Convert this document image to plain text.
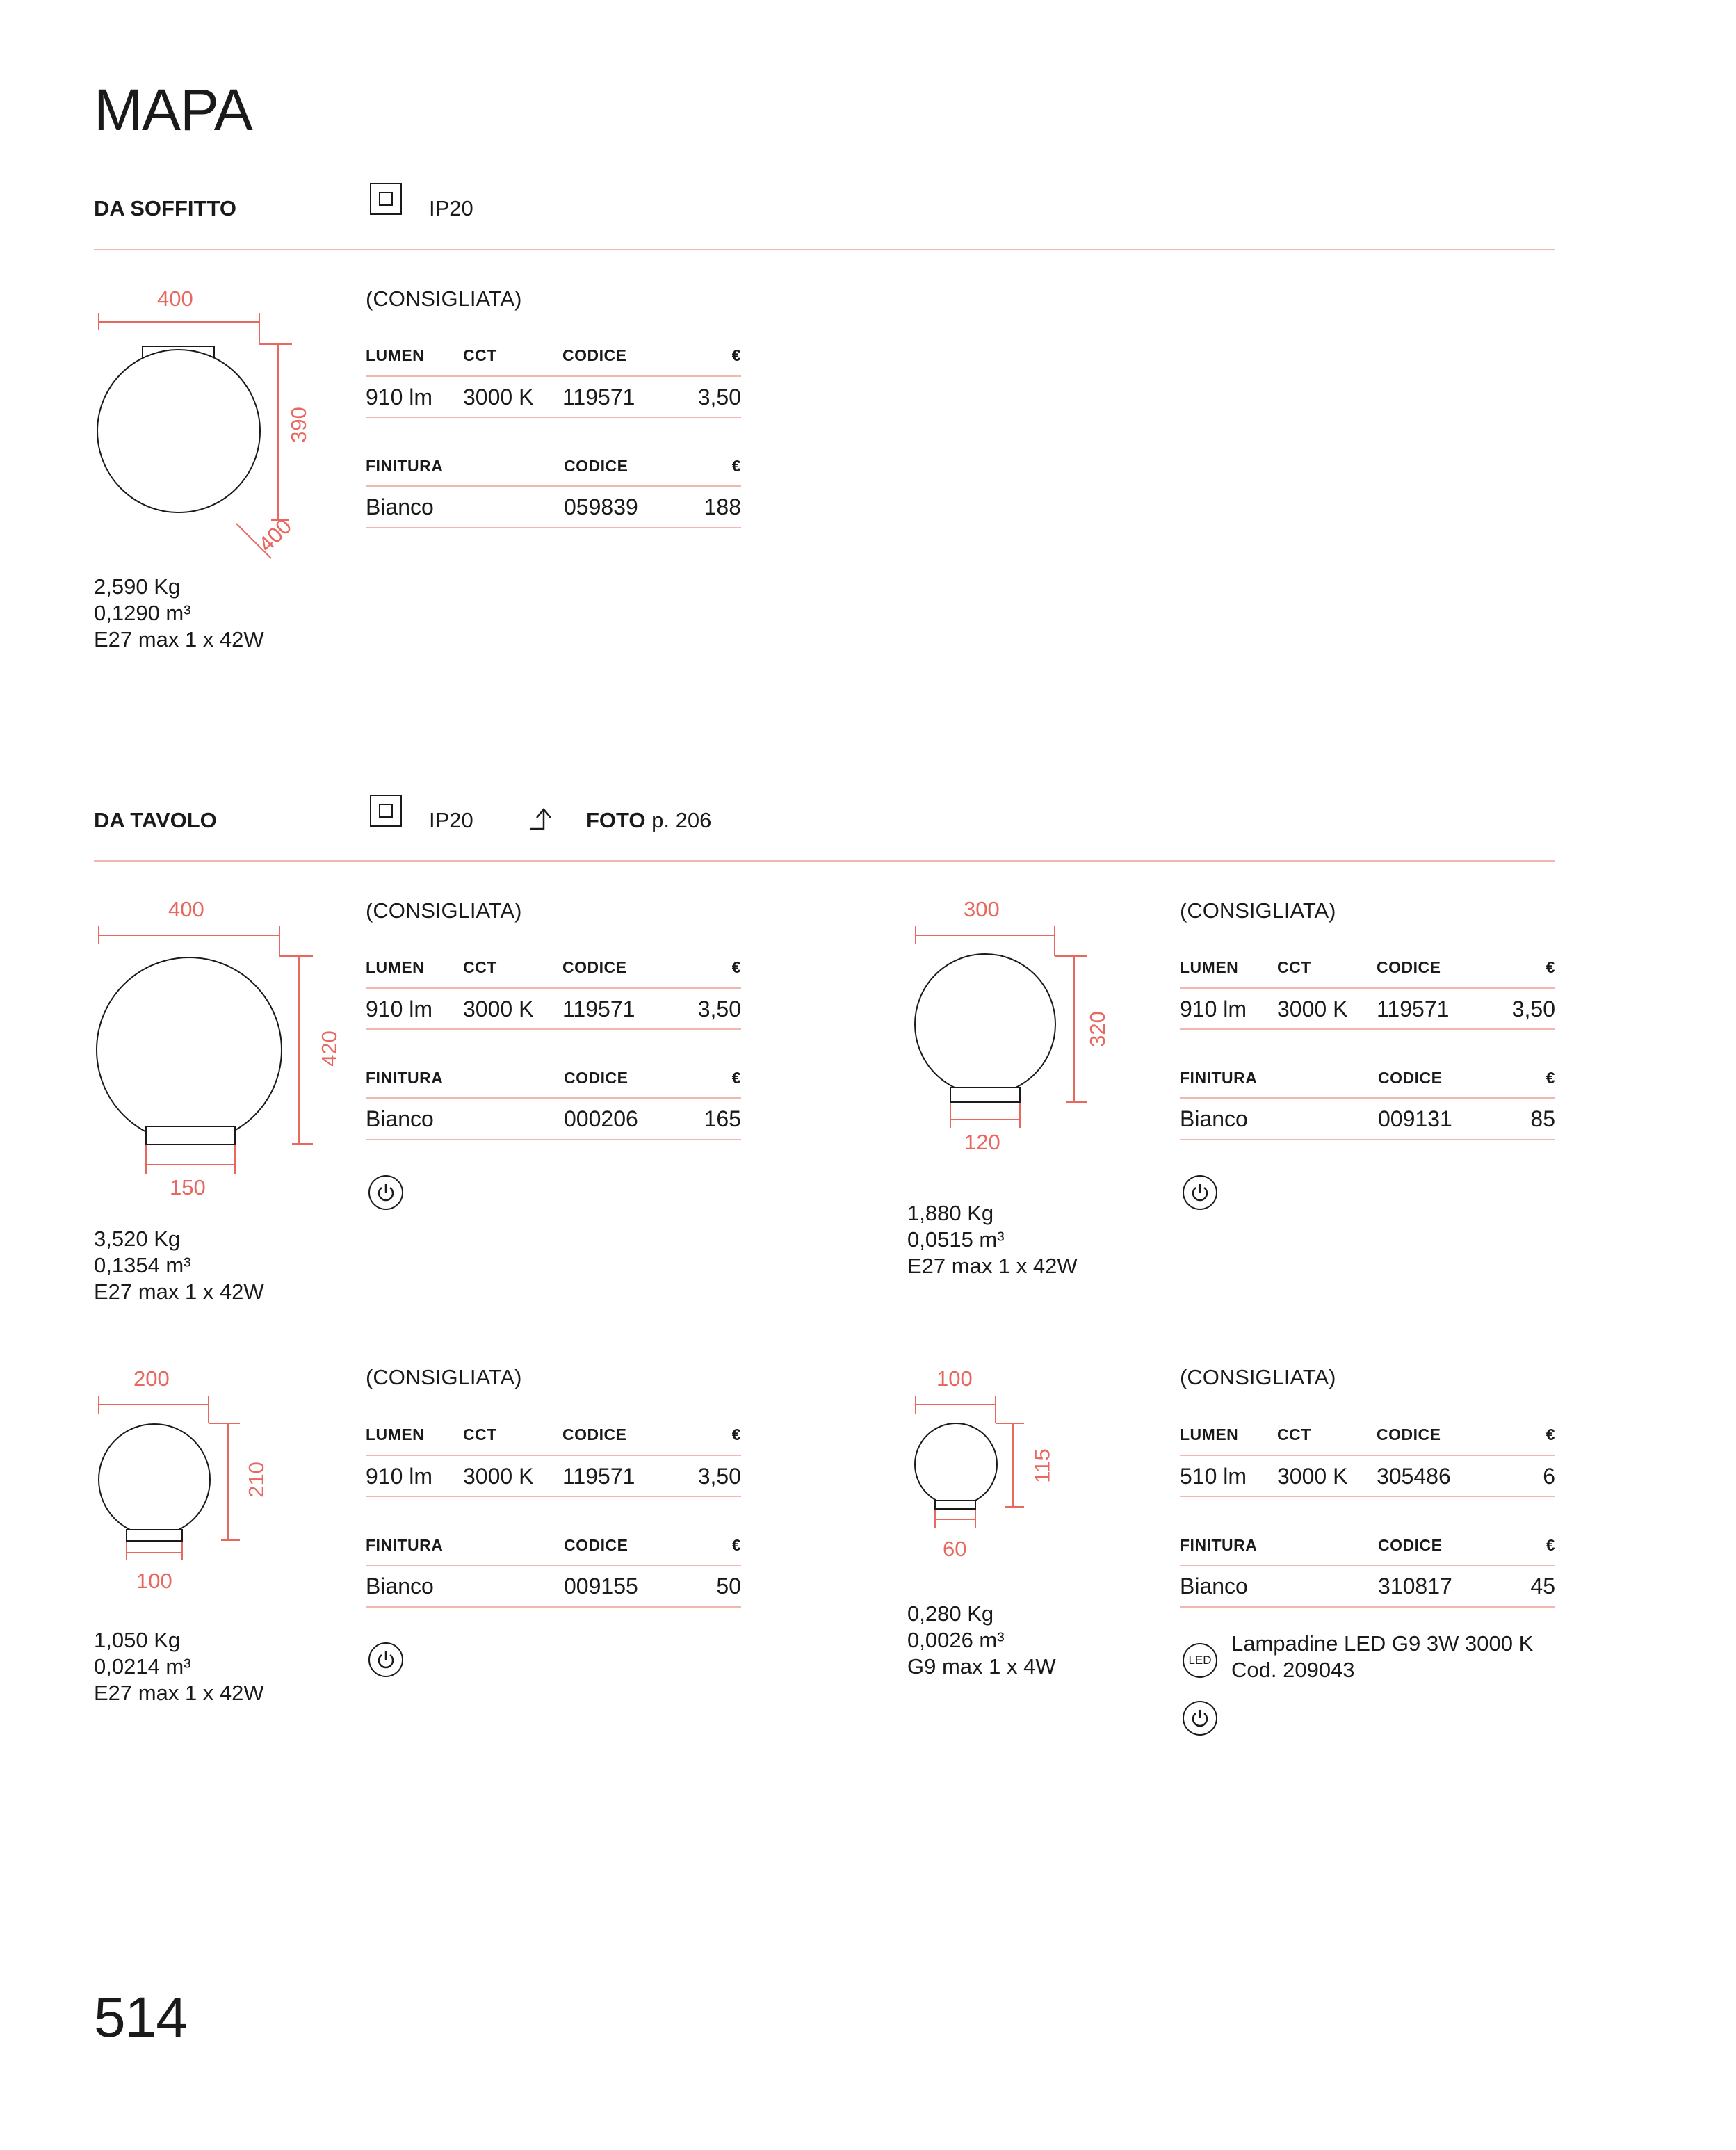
MAPA
DA SOFFITTO	IP20
400
390
400
2,590 Kg
0,1290 m³
E27 max 1 x 42W
(CONSIGLIATA)
LUMEN CCT	CODICE	€
910 lm 3000 K 119571	3,50
FINITURA	CODICE	€
Bianco	059839	188
DA TAVOLO	IP20	FOTO p. 206
400
420
150
3,520 Kg
0,1354 m³
E27 max 1 x 42W
(CONSIGLIATA)
LUMEN CCT	CODICE	€
910 lm 3000 K 119571	3,50
FINITURA	CODICE	€
Bianco	000206	165
300
320
120
1,880 Kg
0,0515 m³
E27 max 1 x 42W
(CONSIGLIATA)
LUMEN CCT	CODICE	€
910 lm 3000 K 119571	3,50
FINITURA	CODICE	€
Bianco	009131	85
200
210
100
1,050 Kg
0,0214 m³
E27 max 1 x 42W
(CONSIGLIATA)
LUMEN CCT	CODICE	€
910 lm 3000 K 119571	3,50
FINITURA	CODICE	€
Bianco	009155	50
100
115
60
0,280 Kg
0,0026 m³
G9 max 1 x 4W
(CONSIGLIATA)
LUMEN CCT	CODICE	€
510 lm 3000 K 305486	6
FINITURA	CODICE	€
Bianco	310817	45
LED
Lampadine LED G9 3W 3000 K
Cod. 209043
514
